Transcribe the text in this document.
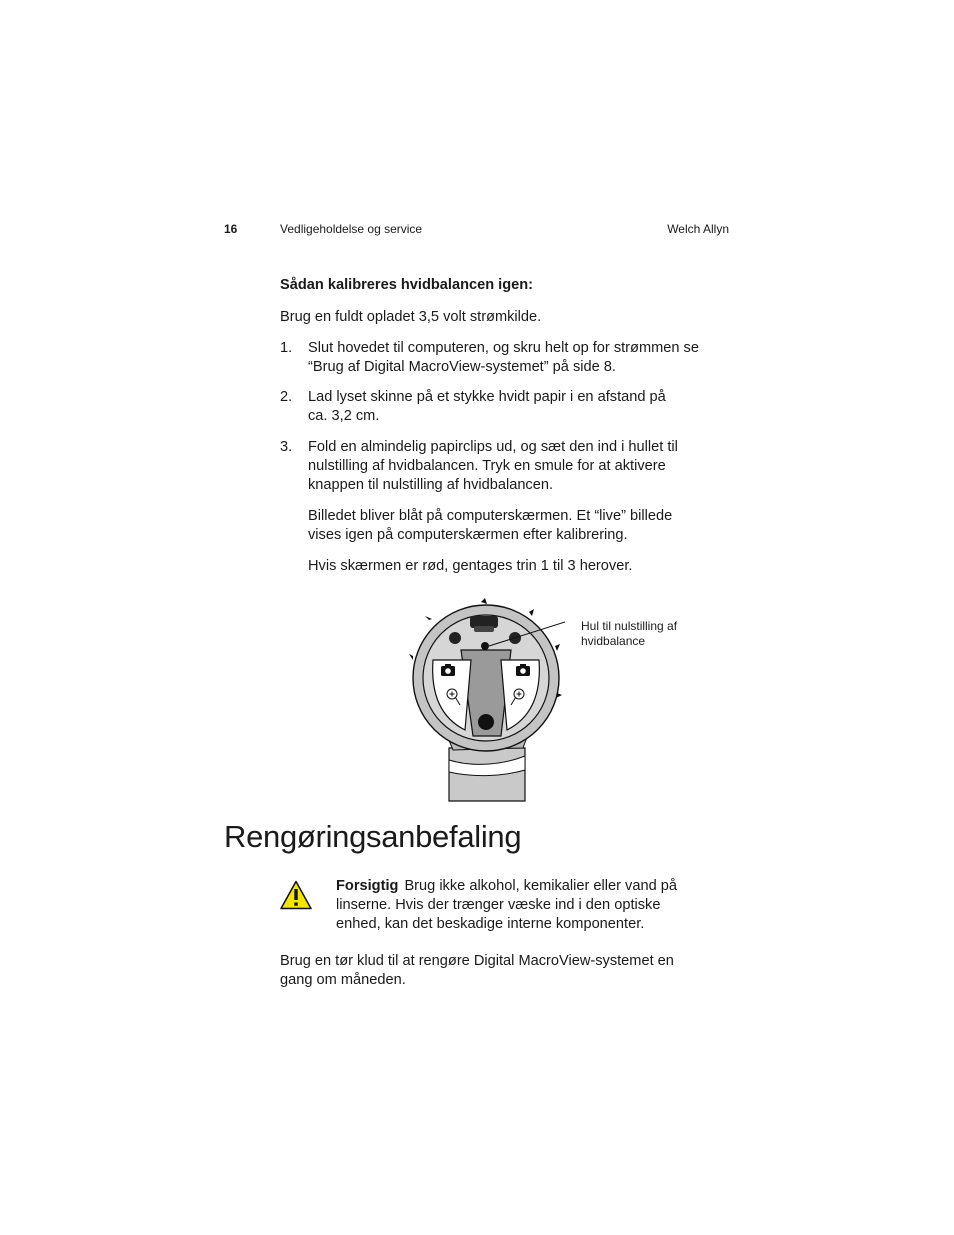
16	Vedligeholdelse og service	Welch Allyn
Sådan kalibreres hvidbalancen igen:
Brug en fuldt opladet 3,5 volt strømkilde.
1. Slut hovedet til computeren, og skru helt op for strømmen se
“Brug af Digital MacroView-systemet” på side 8.
2. Lad lyset skinne på et stykke hvidt papir i en afstand på
ca. 3,2 cm.
3. Fold en almindelig papirclips ud, og sæt den ind i hullet til
nulstilling af hvidbalancen. Tryk en smule for at aktivere
knappen til nulstilling af hvidbalancen.
Billedet bliver blåt på computerskærmen. Et “live” billede
vises igen på computerskærmen efter kalibrering.
Hvis skærmen er rød, gentages trin 1 til 3 herover.
Hul til nulstilling af
hvidbalance
Rengøringsanbefaling
Forsigtig Brug ikke alkohol, kemikalier eller vand på
linserne. Hvis der trænger væske ind i den optiske
enhed, kan det beskadige interne komponenter.
Brug en tør klud til at rengøre Digital MacroView-systemet en
gang om måneden.
